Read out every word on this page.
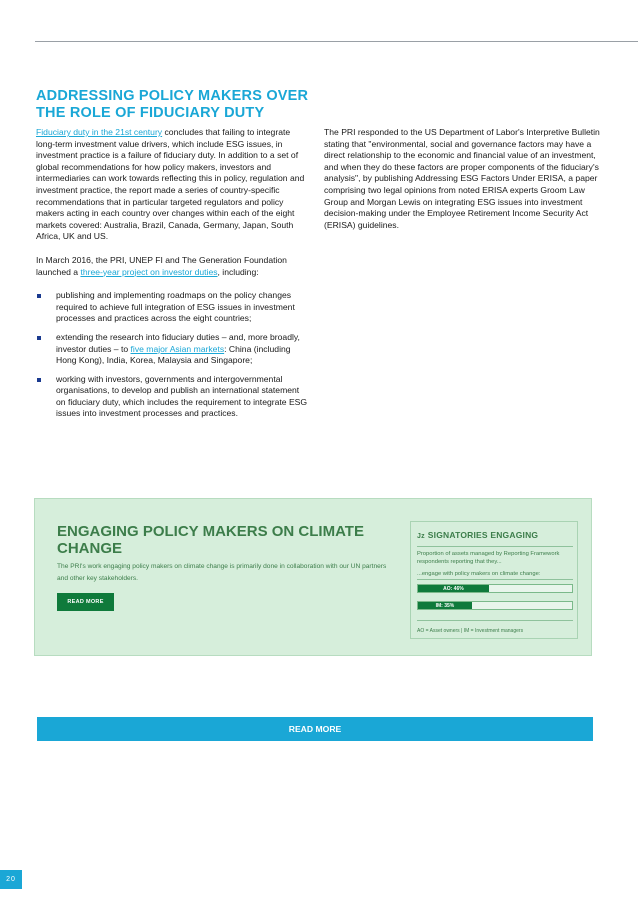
ADDRESSING POLICY MAKERS OVER THE ROLE OF FIDUCIARY DUTY

Fiduciary duty in the 21st century concludes that failing to integrate long-term investment value drivers, which include ESG issues, in investment practice is a failure of fiduciary duty. In addition to a set of global recommendations for how policy makers, investors and intermediaries can work towards reflecting this in policy, regulation and investment practice, the report made a series of country-specific recommendations that in particular targeted regulators and policy makers acting in each country over changes within each of the eight markets covered: Australia, Brazil, Canada, Germany, Japan, South Africa, UK and US.

In March 2016, the PRI, UNEP FI and The Generation Foundation launched a three-year project on investor duties, including:

publishing and implementing roadmaps on the policy changes required to achieve full integration of ESG issues in investment processes and practices across the eight countries;
extending the research into fiduciary duties – and, more broadly, investor duties – to five major Asian markets: China (including Hong Kong), India, Korea, Malaysia and Singapore;
working with investors, governments and intergovernmental organisations, to develop and publish an international statement on fiduciary duty, which includes the requirement to integrate ESG issues into investment processes and practices.

The PRI responded to the US Department of Labor's Interpretive Bulletin stating that "environmental, social and governance factors may have a direct relationship to the economic and financial value of an investment, and when they do these factors are proper components of the fiduciary's analysis", by publishing Addressing ESG Factors Under ERISA, a paper comprising two legal opinions from noted ERISA experts Groom Law Group and Morgan Lewis on integrating ESG issues into investment decision-making under the Employee Retirement Income Security Act (ERISA) guidelines.

ENGAGING POLICY MAKERS ON CLIMATE CHANGE
The PRI's work engaging policy makers on climate change is primarily done in collaboration with our UN partners and other key stakeholders.
READ MORE
Jz SIGNATORIES ENGAGING
Proportion of assets managed by Reporting Framework respondents reporting that they...
...engage with policy makers on climate change:
AO: 46%
IM: 35%
AO = Asset owners | IM = Investment managers
READ MORE
20
